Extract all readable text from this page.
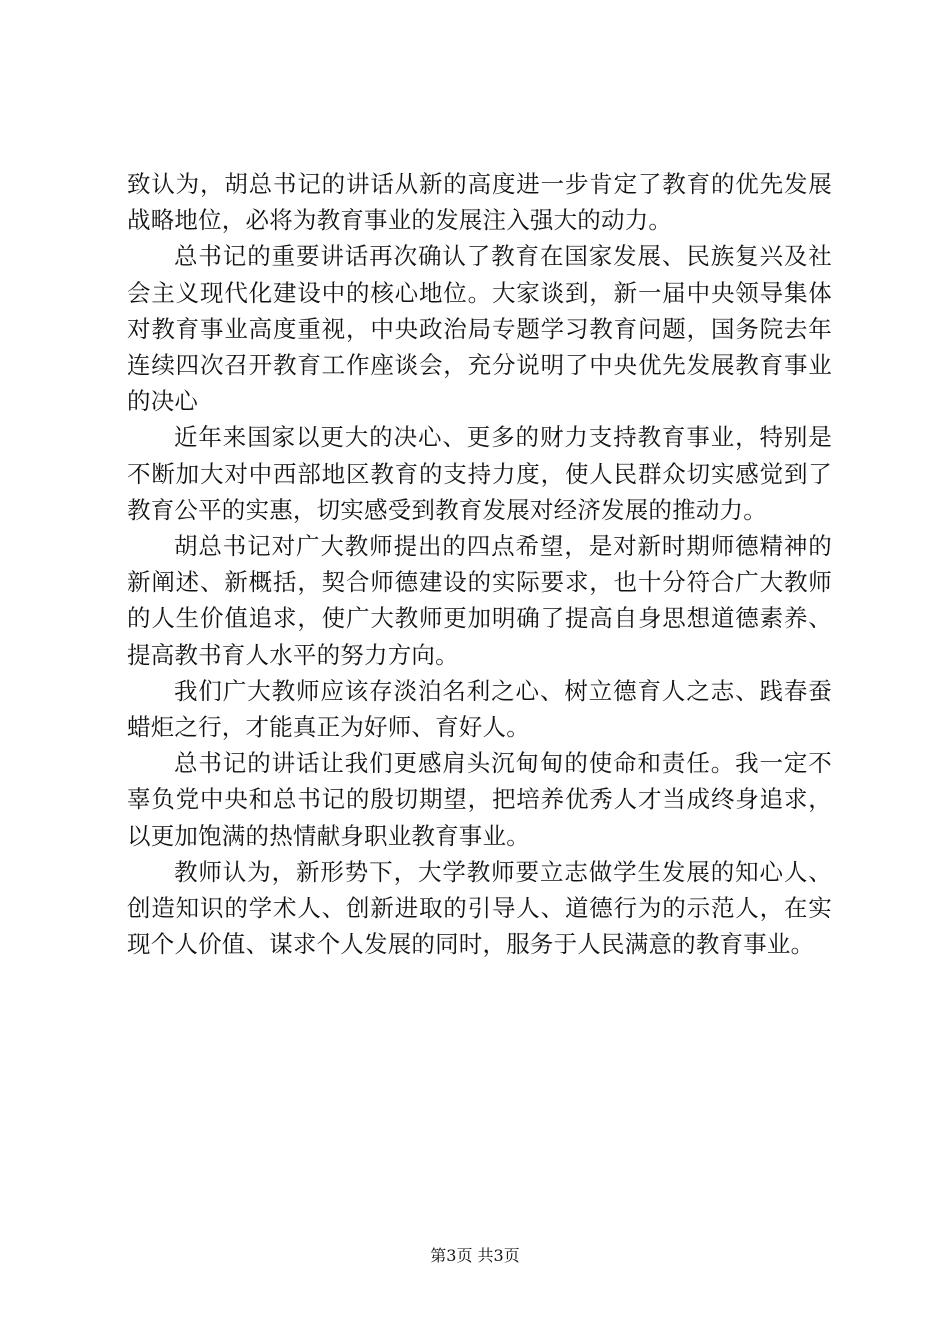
致认为，胡总书记的讲话从新的高度进一步肯定了教育的优先发展战略地位，必将为教育事业的发展注入强大的动力。

总书记的重要讲话再次确认了教育在国家发展、民族复兴及社会主义现代化建设中的核心地位。大家谈到，新一届中央领导集体对教育事业高度重视，中央政治局专题学习教育问题，国务院去年连续四次召开教育工作座谈会，充分说明了中央优先发展教育事业的决心

近年来国家以更大的决心、更多的财力支持教育事业，特别是不断加大对中西部地区教育的支持力度，使人民群众切实感觉到了教育公平的实惠，切实感受到教育发展对经济发展的推动力。

胡总书记对广大教师提出的四点希望，是对新时期师德精神的新阐述、新概括，契合师德建设的实际要求，也十分符合广大教师的人生价值追求，使广大教师更加明确了提高自身思想道德素养、提高教书育人水平的努力方向。

我们广大教师应该存淡泊名利之心、树立德育人之志、践春蚕蜡炬之行，才能真正为好师、育好人。

总书记的讲话让我们更感肩头沉甸甸的使命和责任。我一定不辜负党中央和总书记的殷切期望，把培养优秀人才当成终身追求，以更加饱满的热情献身职业教育事业。

教师认为，新形势下，大学教师要立志做学生发展的知心人、创造知识的学术人、创新进取的引导人、道德行为的示范人，在实现个人价值、谋求个人发展的同时，服务于人民满意的教育事业。

第3页 共3页
